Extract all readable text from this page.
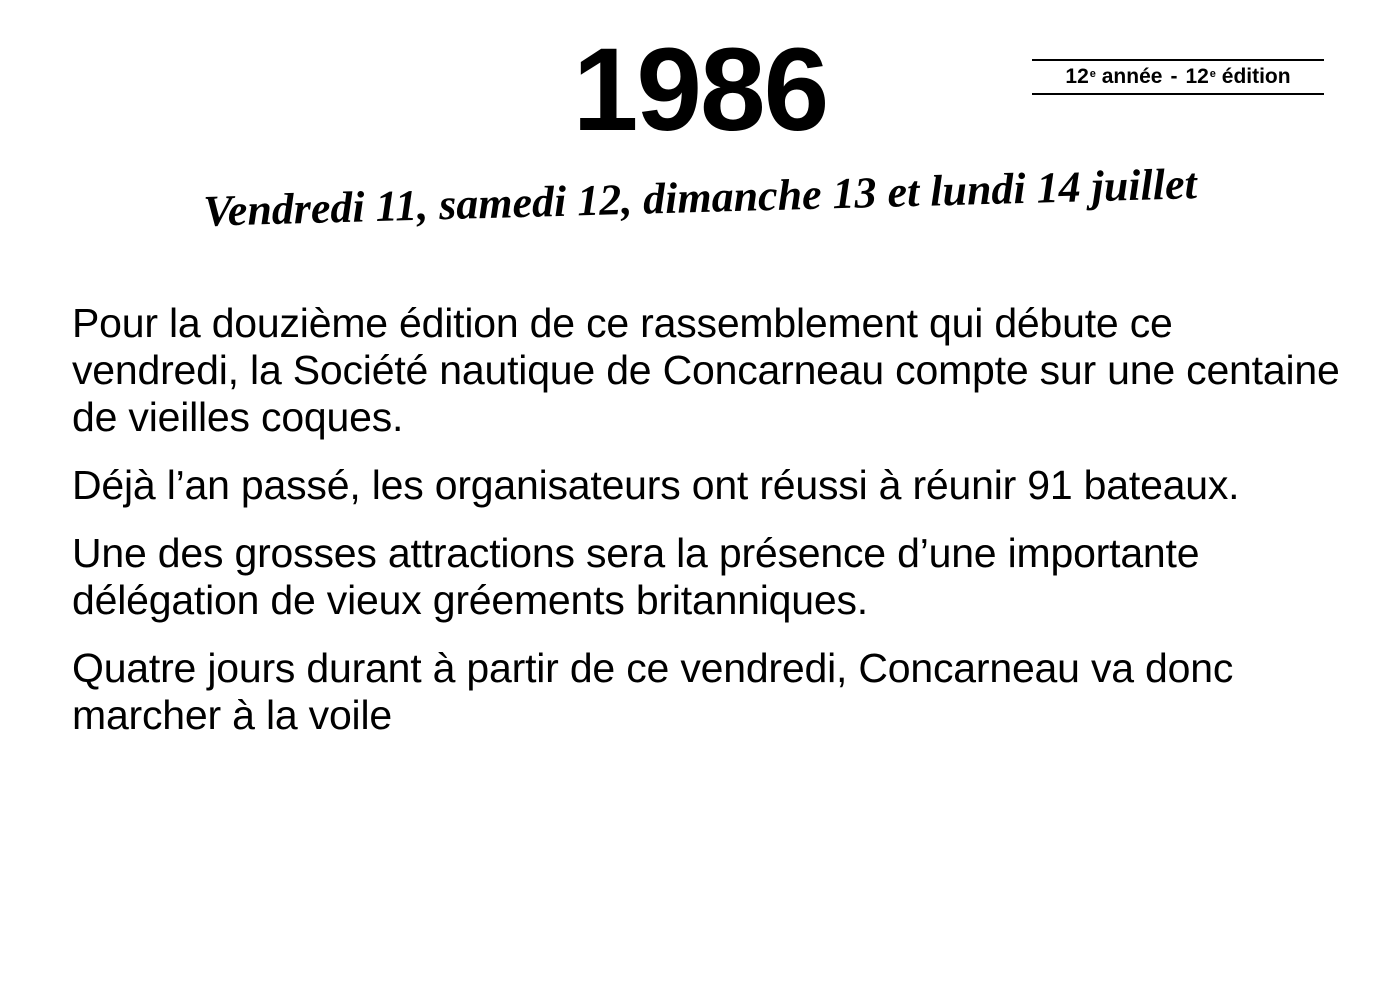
1986	12e
année - 12e
édition
Vendredi 11, samedi 12, dimanche 13 et lundi 14 juillet

Pour la douzième édition de ce rassemblement qui débute ce vendredi, la Société nautique de Concarneau compte sur une centaine de vieilles coques.

Déjà l’an passé, les organisateurs ont réussi à réunir 91 bateaux.

Une des grosses attractions sera la présence d’une importante délégation de vieux gréements britanniques.

Quatre jours durant à partir de ce vendredi, Concarneau va donc marcher à la voile
